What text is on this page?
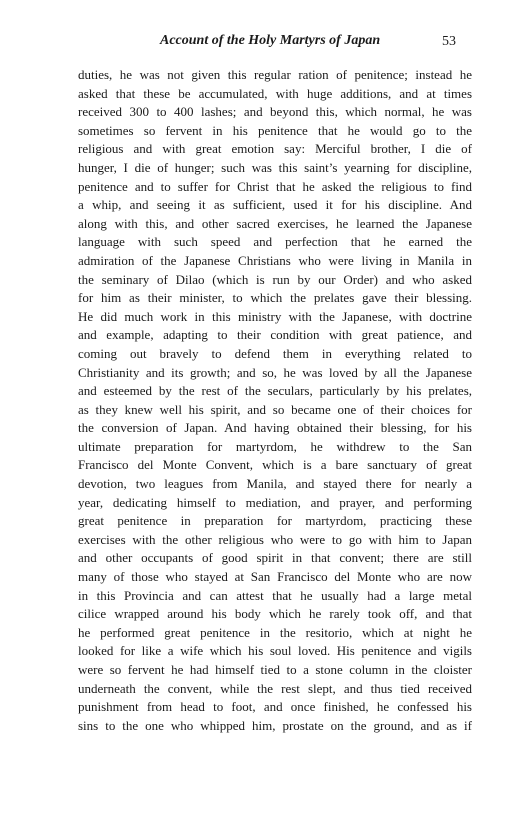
Account of the Holy Martyrs of Japan	53
duties, he was not given this regular ration of penitence; instead he
asked that these be accumulated, with huge additions, and at times
received 300 to 400 lashes; and beyond this, which normal, he was
sometimes so fervent in his penitence that he would go to the
religious and with great emotion say: Merciful brother, I die of
hunger, I die of hunger; such was this saint’s yearning for discipline,
penitence and to suffer for Christ that he asked the religious to find
a whip, and seeing it as sufficient, used it for his discipline. And
along with this, and other sacred exercises, he learned the Japanese
language with such speed and perfection that he earned the
admiration of the Japanese Christians who were living in Manila in
the seminary of Dilao (which is run by our Order) and who asked
for him as their minister, to which the prelates gave their blessing.
He did much work in this ministry with the Japanese, with doctrine
and example, adapting to their condition with great patience, and
coming out bravely to defend them in everything related to
Christianity and its growth; and so, he was loved by all the Japanese
and esteemed by the rest of the seculars, particularly by his prelates,
as they knew well his spirit, and so became one of their choices for
the conversion of Japan. And having obtained their blessing, for his
ultimate preparation for martyrdom, he withdrew to the San
Francisco del Monte Convent, which is a bare sanctuary of great
devotion, two leagues from Manila, and stayed there for nearly a
year, dedicating himself to mediation, and prayer, and performing
great penitence in preparation for martyrdom, practicing these
exercises with the other religious who were to go with him to Japan
and other occupants of good spirit in that convent; there are still
many of those who stayed at San Francisco del Monte who are now
in this Provincia and can attest that he usually had a large metal
cilice wrapped around his body which he rarely took off, and that
he performed great penitence in the resitorio, which at night he
looked for like a wife which his soul loved. His penitence and vigils
were so fervent he had himself tied to a stone column in the cloister
underneath the convent, while the rest slept, and thus tied received
punishment from head to foot, and once finished, he confessed his
sins to the one who whipped him, prostate on the ground, and as if
